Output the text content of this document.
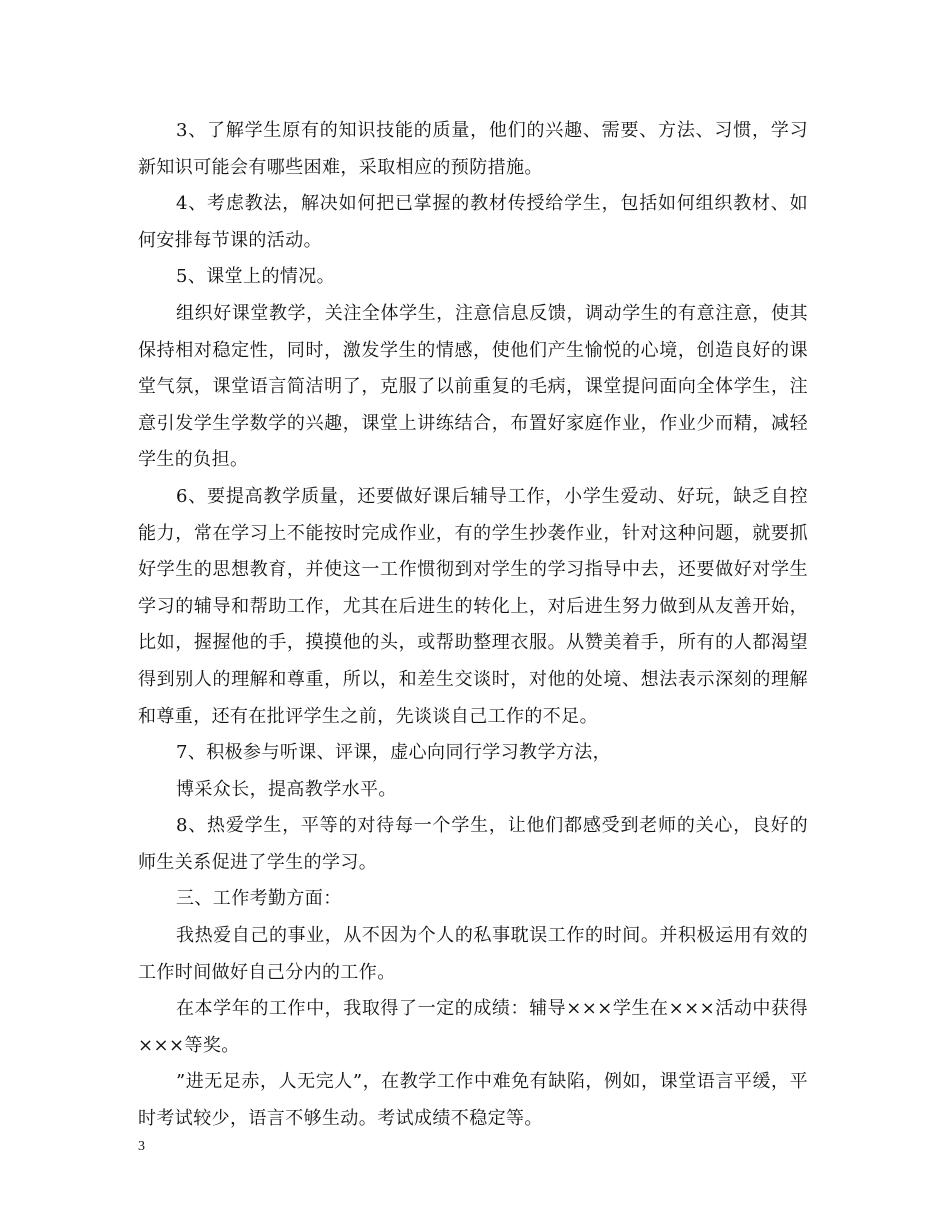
3、了解学生原有的知识技能的质量，他们的兴趣、需要、方法、习惯，学习新知识可能会有哪些困难，采取相应的预防措施。

4、考虑教法，解决如何把已掌握的教材传授给学生，包括如何组织教材、如何安排每节课的活动。

5、课堂上的情况。

组织好课堂教学，关注全体学生，注意信息反馈，调动学生的有意注意，使其保持相对稳定性，同时，激发学生的情感，使他们产生愉悦的心境，创造良好的课堂气氛，课堂语言简洁明了，克服了以前重复的毛病，课堂提问面向全体学生，注意引发学生学数学的兴趣，课堂上讲练结合，布置好家庭作业，作业少而精，减轻学生的负担。

6、要提高教学质量，还要做好课后辅导工作，小学生爱动、好玩，缺乏自控能力，常在学习上不能按时完成作业，有的学生抄袭作业，针对这种问题，就要抓好学生的思想教育，并使这一工作惯彻到对学生的学习指导中去，还要做好对学生学习的辅导和帮助工作，尤其在后进生的转化上，对后进生努力做到从友善开始，比如，握握他的手，摸摸他的头，或帮助整理衣服。从赞美着手，所有的人都渴望得到别人的理解和尊重，所以，和差生交谈时，对他的处境、想法表示深刻的理解和尊重，还有在批评学生之前，先谈谈自己工作的不足。

7、积极参与听课、评课，虚心向同行学习教学方法，

博采众长，提高教学水平。

8、热爱学生，平等的对待每一个学生，让他们都感受到老师的关心，良好的师生关系促进了学生的学习。

三、工作考勤方面：

我热爱自己的事业，从不因为个人的私事耽误工作的时间。并积极运用有效的工作时间做好自己分内的工作。

在本学年的工作中，我取得了一定的成绩：辅导×××学生在×××活动中获得×××等奖。

”进无足赤，人无完人”，在教学工作中难免有缺陷，例如，课堂语言平缓，平时考试较少，语言不够生动。考试成绩不稳定等。

3
